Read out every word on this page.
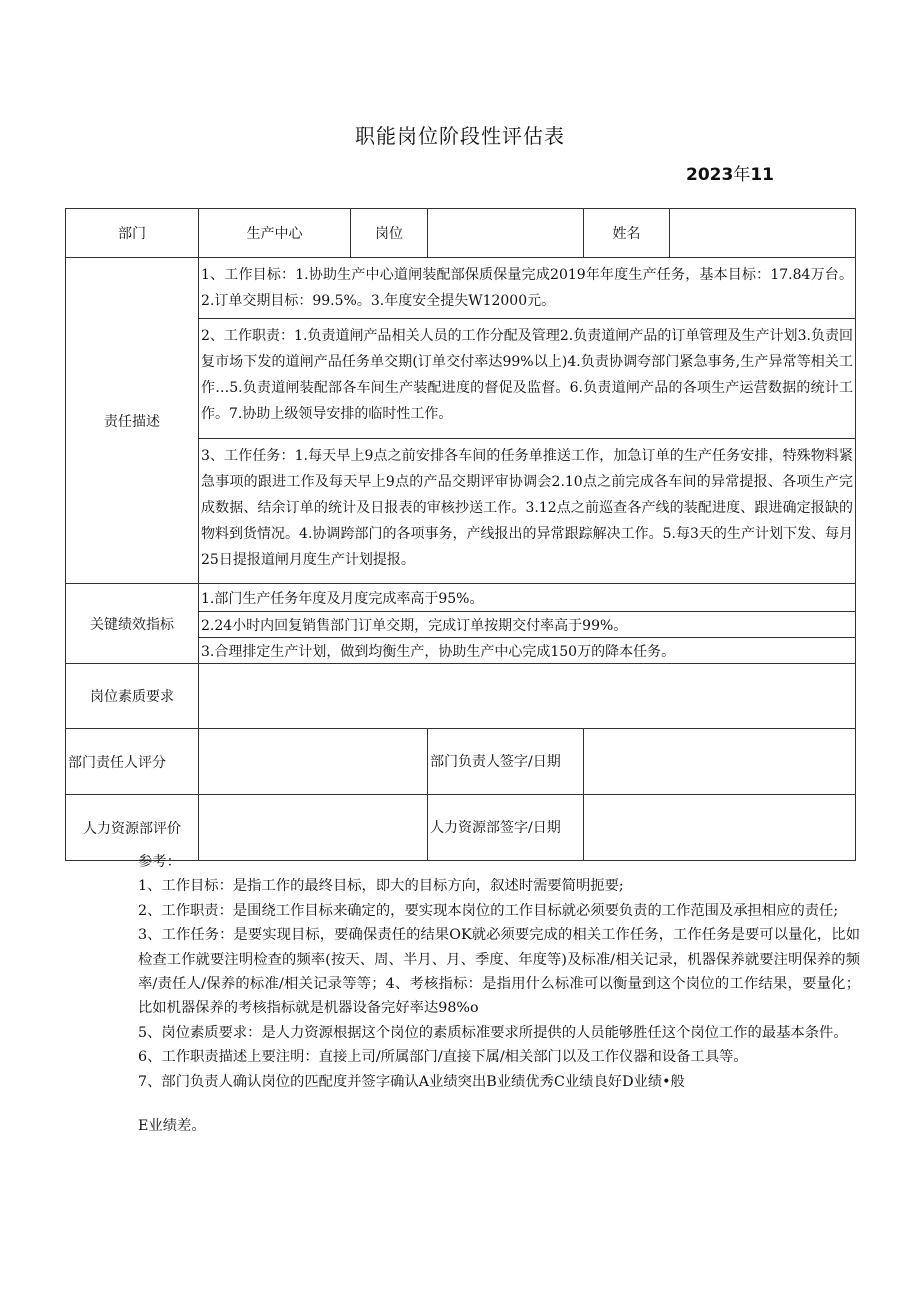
职能岗位阶段性评估表
2023年11
部门	生产中心	岗位		姓名	
责任描述	1、工作目标：1.协助生产中心道闸装配部保质保量完成2019年年度生产任务，基本目标：17.84万台。2.订单交期目标：99.5%。3.年度安全提失W12000元。				
	2、工作职责：1.负责道闸产品相关人员的工作分配及管理2.负责道闸产品的订单管理及生产计划3.负责回复市场下发的道闸产品任务单交期(订单交付率达99%以上)4.负责协调夸部门紧急事务,生产异常等相关工作…5.负责道闸装配部各车间生产装配进度的督促及监督。6.负责道闸产品的各项生产运营数据的统计工作。7.协助上级领导安排的临时性工作。				
	3、工作任务：1.每天早上9点之前安排各车间的任务单推送工作，加急订单的生产任务安排，特殊物料紧急事项的跟进工作及每天早上9点的产品交期评审协调会2.10点之前完成各车间的异常提报、各项生产完成数据、结余订单的统计及日报表的审核抄送工作。3.12点之前巡查各产线的装配进度、跟进确定报缺的物料到货情况。4.协调跨部门的各项事务，产线报出的异常跟踪解决工作。5.每3天的生产计划下发、每月25日提报道闸月度生产计划提报。				
关键绩效指标	1.部门生产任务年度及月度完成率高于95%。				
	2.24小时内回复销售部门订单交期，完成订单按期交付率高于99%。				
	3.合理排定生产计划，做到均衡生产，协助生产中心完成150万的降本任务。				
岗位素质要求					
部门责任人评分			部门负责人签字/日期		
人力资源部评价			人力资源部签字/日期		

参考：

1、工作目标：是指工作的最终目标，即大的目标方向，叙述时需要简明扼要;

2、工作职责：是围绕工作目标来确定的，要实现本岗位的工作目标就必须要负责的工作范围及承担相应的责任;

3、工作任务：是要实现目标，要确保责任的结果OK就必须要完成的相关工作任务，工作任务是要可以量化，比如检查工作就要注明检查的频率(按天、周、半月、月、季度、年度等)及标准/相关记录，机器保养就要注明保养的频率/责任人/保养的标准/相关记录等等；4、考核指标：是指用什么标准可以衡量到这个岗位的工作结果，要量化；比如机器保养的考核指标就是机器设备完好率达98%o

5、岗位素质要求：是人力资源根据这个岗位的素质标准要求所提供的人员能够胜任这个岗位工作的最基本条件。

6、工作职责描述上要注明：直接上司/所属部门/直接下属/相关部门以及工作仪器和设备工具等。

7、部门负责人确认岗位的匹配度并签字确认A业绩突出B业绩优秀C业绩良好D业绩•般

E业绩差。
